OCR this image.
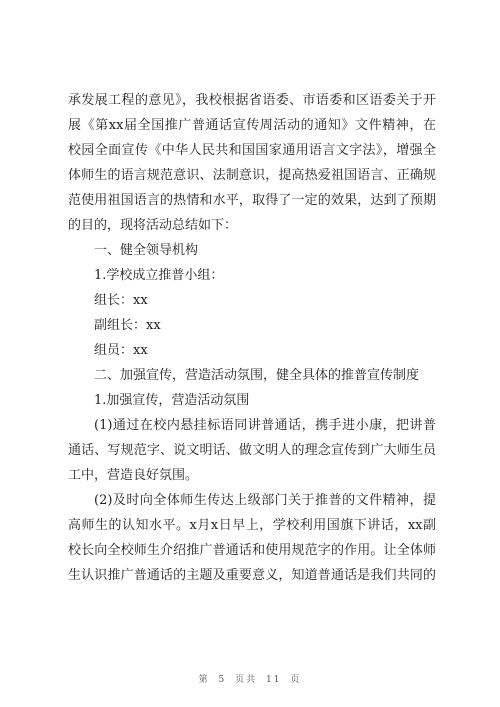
承发展工程的意见》，我校根据省语委、市语委和区语委关于开
展《第xx届全国推广普通话宣传周活动的通知》文件精神，在
校园全面宣传《中华人民共和国国家通用语言文字法》，增强全
体师生的语言规范意识、法制意识，提高热爱祖国语言、正确规
范使用祖国语言的热情和水平，取得了一定的效果，达到了预期
的目的，现将活动总结如下：
一、健全领导机构
1.学校成立推普小组：
组长：xx
副组长：xx
组员：xx
二、加强宣传，营造活动氛围，健全具体的推普宣传制度
1.加强宣传，营造活动氛围
(1)通过在校内悬挂标语同讲普通话，携手进小康，把讲普
通话、写规范字、说文明话、做文明人的理念宣传到广大师生员
工中，营造良好氛围。
(2)及时向全体师生传达上级部门关于推普的文件精神，提
高师生的认知水平。x月x日早上，学校利用国旗下讲话，xx副
校长向全校师生介绍推广普通话和使用规范字的作用。让全体师
生认识推广普通话的主题及重要意义，知道普通话是我们共同的
第 5 页共 11 页
